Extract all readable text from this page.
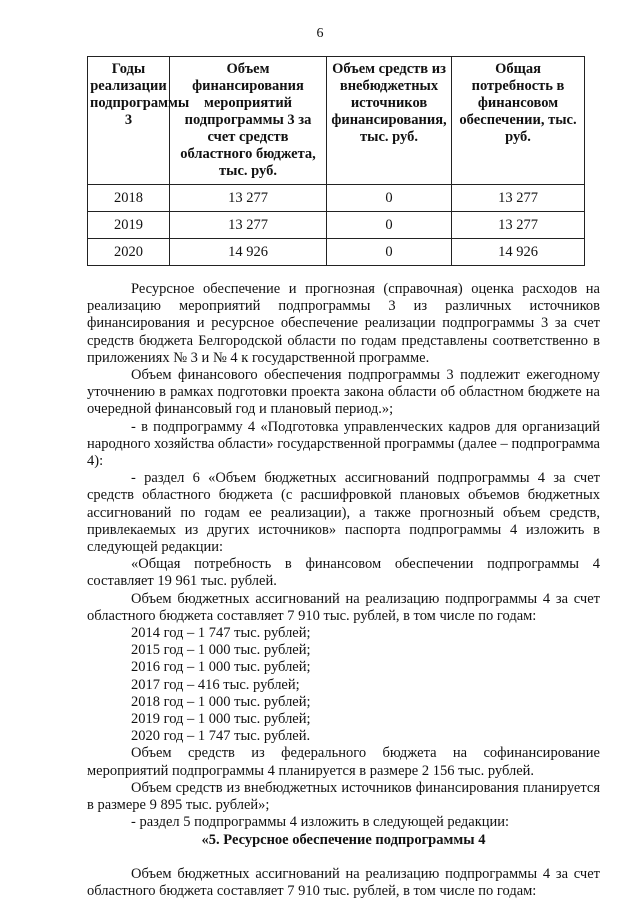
6
Годы реализации подпрограммы 3	Объем финансирования мероприятий подпрограммы 3 за счет средств областного бюджета, тыс. руб.	Объем средств из внебюджетных источников финансирования, тыс. руб.	Общая потребность в финансовом обеспечении, тыс. руб.
2018	13 277	0	13 277
2019	13 277	0	13 277
2020	14 926	0	14 926

Ресурсное обеспечение и прогнозная (справочная) оценка расходов на реализацию мероприятий подпрограммы 3 из различных источников финансирования и ресурсное обеспечение реализации подпрограммы 3 за счет средств бюджета Белгородской области по годам представлены соответственно в приложениях № 3 и № 4 к государственной программе.

Объем финансового обеспечения подпрограммы 3 подлежит ежегодному уточнению в рамках подготовки проекта закона области об областном бюджете на очередной финансовый год и плановый период.»;

- в подпрограмму 4 «Подготовка управленческих кадров для организаций народного хозяйства области» государственной программы (далее – подпрограмма 4):

- раздел 6 «Объем бюджетных ассигнований подпрограммы 4 за счет средств областного бюджета (с расшифровкой плановых объемов бюджетных ассигнований по годам ее реализации), а также прогнозный объем средств, привлекаемых из других источников» паспорта подпрограммы 4 изложить в следующей редакции:

«Общая потребность в финансовом обеспечении подпрограммы 4 составляет 19 961 тыс. рублей.

Объем бюджетных ассигнований на реализацию подпрограммы 4 за счет областного бюджета составляет 7 910 тыс. рублей, в том числе по годам:

2014 год – 1 747 тыс. рублей;

2015 год – 1 000 тыс. рублей;

2016 год – 1 000 тыс. рублей;

2017 год – 416 тыс. рублей;

2018 год – 1 000 тыс. рублей;

2019 год – 1 000 тыс. рублей;

2020 год – 1 747 тыс. рублей.

Объем средств из федерального бюджета на софинансирование мероприятий подпрограммы 4 планируется в размере 2 156 тыс. рублей.

Объем средств из внебюджетных источников финансирования планируется в размере 9 895 тыс. рублей»;

- раздел 5 подпрограммы 4 изложить в следующей редакции:

«5. Ресурсное обеспечение подпрограммы 4

Объем бюджетных ассигнований на реализацию подпрограммы 4 за счет областного бюджета составляет 7 910 тыс. рублей, в том числе по годам:
